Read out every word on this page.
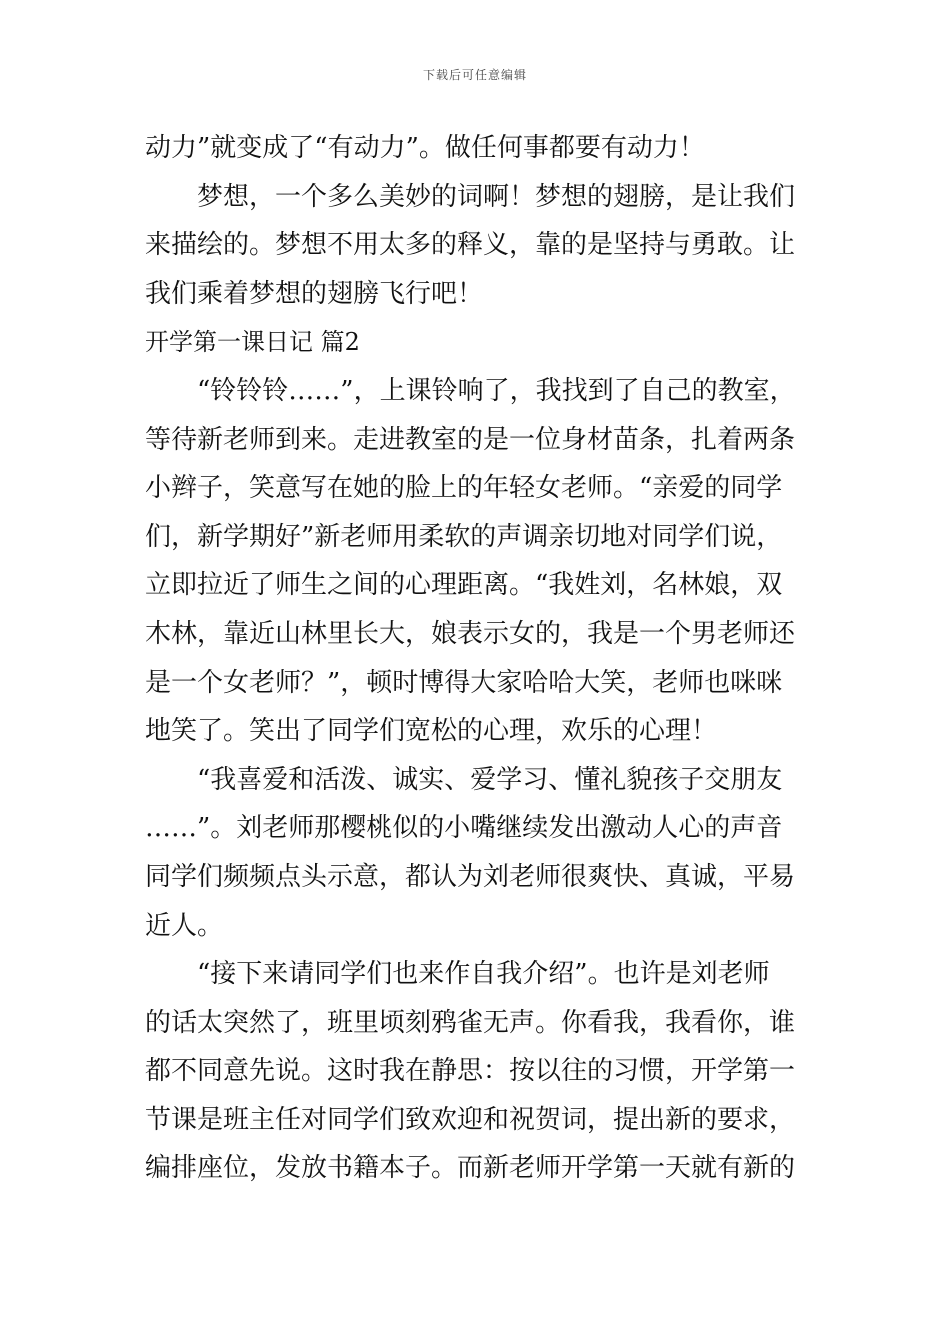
下载后可任意编辑
动力”就变成了“有动力”。做任何事都要有动力！
梦想，一个多么美妙的词啊！梦想的翅膀，是让我们
来描绘的。梦想不用太多的释义，靠的是坚持与勇敢。让
我们乘着梦想的翅膀飞行吧！
开学第一课日记 篇2
“铃铃铃……”，上课铃响了，我找到了自己的教室，
等待新老师到来。走进教室的是一位身材苗条，扎着两条
小辫子，笑意写在她的脸上的年轻女老师。“亲爱的同学
们，新学期好”新老师用柔软的声调亲切地对同学们说，
立即拉近了师生之间的心理距离。“我姓刘，名林娘，双
木林，靠近山林里长大，娘表示女的，我是一个男老师还
是一个女老师？”，顿时博得大家哈哈大笑，老师也咪咪
地笑了。笑出了同学们宽松的心理，欢乐的心理！
“我喜爱和活泼、诚实、爱学习、懂礼貌孩子交朋友
……”。刘老师那樱桃似的小嘴继续发出激动人心的声音
同学们频频点头示意，都认为刘老师很爽快、真诚，平易
近人。
“接下来请同学们也来作自我介绍”。也许是刘老师
的话太突然了，班里顷刻鸦雀无声。你看我，我看你，谁
都不同意先说。这时我在静思：按以往的习惯，开学第一
节课是班主任对同学们致欢迎和祝贺词，提出新的要求，
编排座位，发放书籍本子。而新老师开学第一天就有新的
